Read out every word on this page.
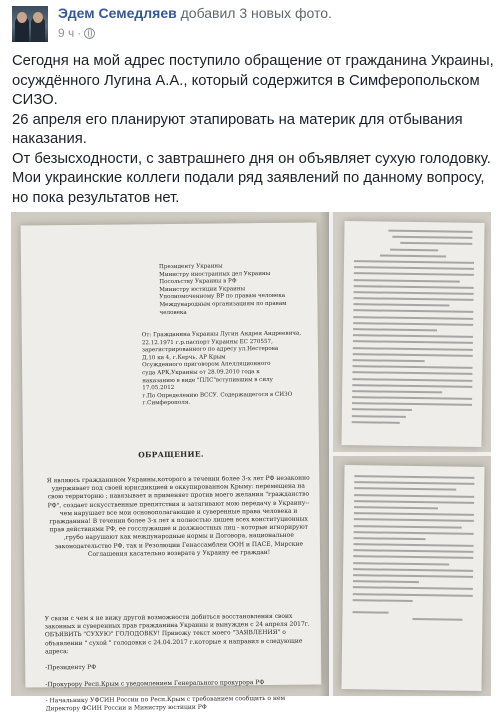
Эдем Семедляев добавил 3 новых фото.
9 ч ·

Сегодня на мой адрес поступило обращение от гражданина Украины, осуждённого Лугина А.А., который содержится в Симферопольском СИЗО.

26 апреля его планируют этапировать на материк для отбывания наказания.

От безысходности, с завтрашнего дня он объявляет сухую голодовку. Мои украинские коллеги подали ряд заявлений по данному вопросу, но пока результатов нет.

Президенту Украины
Министру иностранных дел Украины
Посольству Украины в РФ
Министру юстиции Украины
Уполномоченному ВР по правам человека
Международным организациям по правам человека
От: Гражданина Украины Лугин Андрея Андреевича,
22.12.1971 г.р.паспорт Украины ЕС 270557,
зарегистрированного по адресу ул.Нестерова
Д.10 кв 4, г.Керчь, АР Крым
Осужденного приговором Апелляционного
суда АРК,Украины от 28.09.2010 года к
наказанию в виде "ПЛС"вступившим в силу 17.05.2012
г.По Определению ВССУ. Содержащегося в СИЗО
г.Симферополя.
ОБРАЩЕНИЕ.
Я являюсь гражданином Украины,которого в течении более 3-х лет РФ незаконно удерживает под своей юрисдикцией в оккупированном Крыму: перемещена на свою территорию ; навязывает и применяет против моего желания "гражданство РФ", создает искусственные препятствия и затягивают мою передачу в Украину--чем нарушает все мои основополагающие и суверенные права человека и гражданина! В течении более 3-х лет я полностью лишен всех конституционных прав действиями РФ, ее госслужащие и должностных лиц - которые игнорируют ,грубо нарушают как международные нормы и Договора, национальное законодательство РФ, так и Резолюции Генассамблеи ООН и ПАСЕ, Мирские Соглашения касательно возврата у Украину ее граждан!
У связи с чем я не вижу другой возможности добиться восстановления своих законных и суверенных прав гражданина Украины и вынужден с 24 апреля 2017г. ОБЪЯВИТЬ "СУХУЮ" ГОЛОДОВКУ! Привожу текст моего "ЗАЯВЛЕНИЯ" о объявлении " сухой " голодовки с 24.04.2017 г.которые я направил в следующие адреса:

-Президенту РФ

-Прокурору Респ.Крым с уведомлением Генерального прокурора РФ

- Начальнику УФСИН России по Респ.Крым с требованием сообщить о нем Директору ФСИН России и Министру юстиции РФ
